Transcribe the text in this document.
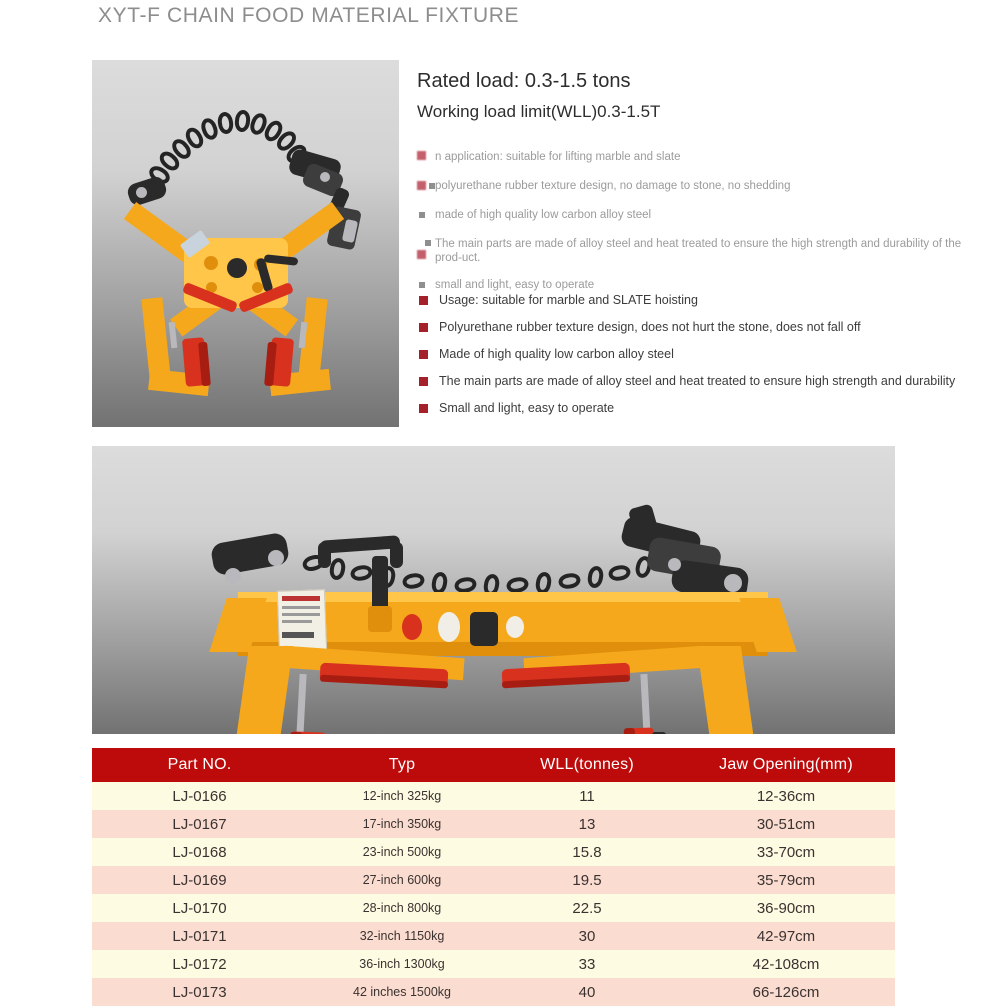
XYT-F CHAIN FOOD MATERIAL FIXTURE
Rated load: 0.3-1.5 tons
Working load limit(WLL)0.3-1.5T
n application: suitable for lifting marble and slate
polyurethane rubber texture design, no damage to stone, no shedding
made of high quality low carbon alloy steel
The main parts are made of alloy steel and heat treated to ensure the high strength and durability of the prod-uct.
small and light, easy to operate
Usage: suitable for marble and SLATE hoisting
Polyurethane rubber texture design, does not hurt the stone, does not fall off
Made of high quality low carbon alloy steel
The main parts are made of alloy steel and heat treated to ensure high strength and durability
Small and light, easy to operate
Part NO.	Typ	WLL(tonnes)	Jaw Opening(mm)
LJ-0166	12-inch 325kg	11	12-36cm
LJ-0167	17-inch 350kg	13	30-51cm
LJ-0168	23-inch 500kg	15.8	33-70cm
LJ-0169	27-inch 600kg	19.5	35-79cm
LJ-0170	28-inch 800kg	22.5	36-90cm
LJ-0171	32-inch 1150kg	30	42-97cm
LJ-0172	36-inch 1300kg	33	42-108cm
LJ-0173	42 inches 1500kg	40	66-126cm
